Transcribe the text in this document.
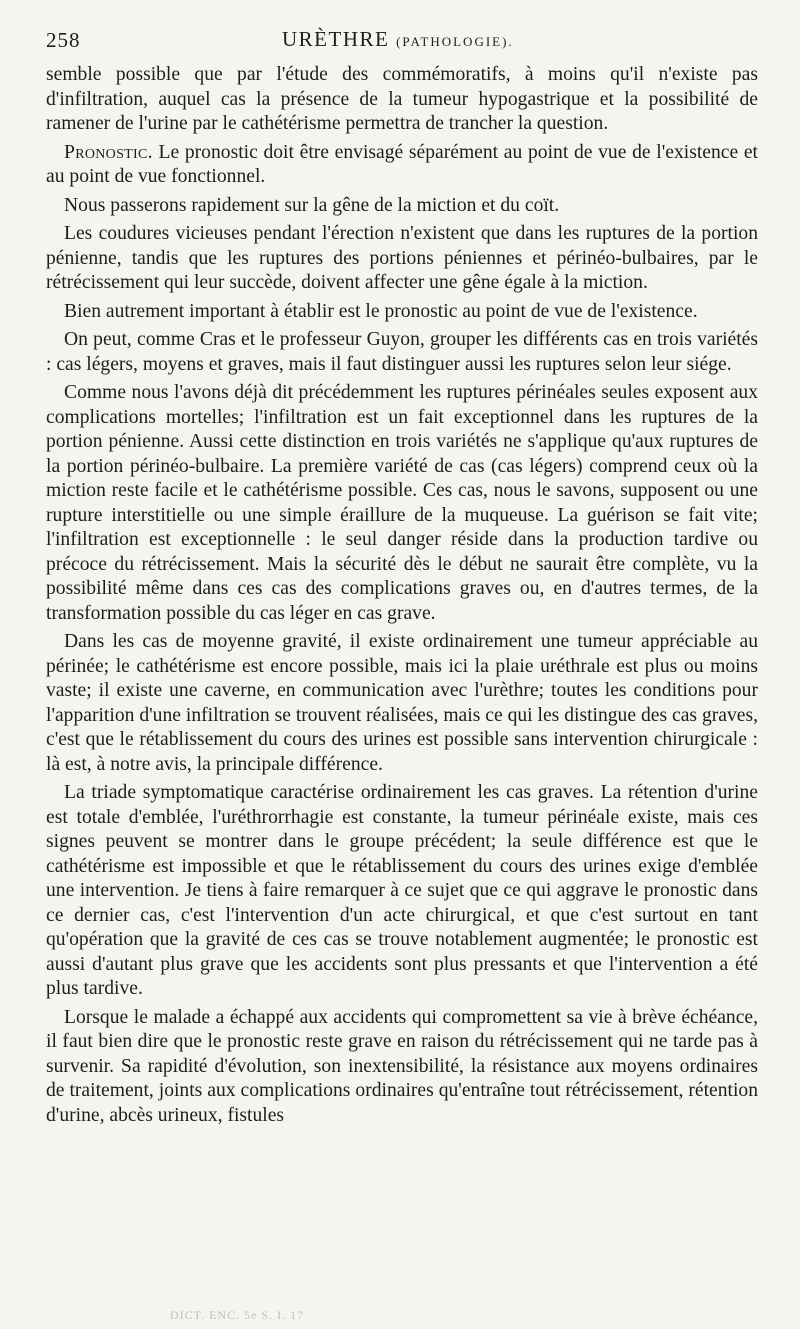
258	URÈTHRE (PATHOLOGIE).

semble possible que par l'étude des commémoratifs, à moins qu'il n'existe pas d'infiltration, auquel cas la présence de la tumeur hypogastrique et la possibilité de ramener de l'urine par le cathétérisme permettra de trancher la question.

Pronostic. Le pronostic doit être envisagé séparément au point de vue de l'existence et au point de vue fonctionnel.

Nous passerons rapidement sur la gêne de la miction et du coït.

Les coudures vicieuses pendant l'érection n'existent que dans les ruptures de la portion pénienne, tandis que les ruptures des portions péniennes et périnéo-bulbaires, par le rétrécissement qui leur succède, doivent affecter une gêne égale à la miction.

Bien autrement important à établir est le pronostic au point de vue de l'existence.

On peut, comme Cras et le professeur Guyon, grouper les différents cas en trois variétés : cas légers, moyens et graves, mais il faut distinguer aussi les ruptures selon leur siége.

Comme nous l'avons déjà dit précédemment les ruptures périnéales seules exposent aux complications mortelles; l'infiltration est un fait exceptionnel dans les ruptures de la portion pénienne. Aussi cette distinction en trois variétés ne s'applique qu'aux ruptures de la portion périnéo-bulbaire. La première variété de cas (cas légers) comprend ceux où la miction reste facile et le cathétérisme possible. Ces cas, nous le savons, supposent ou une rupture interstitielle ou une simple éraillure de la muqueuse. La guérison se fait vite; l'infiltration est exceptionnelle : le seul danger réside dans la production tardive ou précoce du rétrécissement. Mais la sécurité dès le début ne saurait être complète, vu la possibilité même dans ces cas des complications graves ou, en d'autres termes, de la transformation possible du cas léger en cas grave.

Dans les cas de moyenne gravité, il existe ordinairement une tumeur appréciable au périnée; le cathétérisme est encore possible, mais ici la plaie uréthrale est plus ou moins vaste; il existe une caverne, en communication avec l'urèthre; toutes les conditions pour l'apparition d'une infiltration se trouvent réalisées, mais ce qui les distingue des cas graves, c'est que le rétablissement du cours des urines est possible sans intervention chirurgicale : là est, à notre avis, la principale différence.

La triade symptomatique caractérise ordinairement les cas graves. La rétention d'urine est totale d'emblée, l'uréthrorrhagie est constante, la tumeur périnéale existe, mais ces signes peuvent se montrer dans le groupe précédent; la seule différence est que le cathétérisme est impossible et que le rétablissement du cours des urines exige d'emblée une intervention. Je tiens à faire remarquer à ce sujet que ce qui aggrave le pronostic dans ce dernier cas, c'est l'intervention d'un acte chirurgical, et que c'est surtout en tant qu'opération que la gravité de ces cas se trouve notablement augmentée; le pronostic est aussi d'autant plus grave que les accidents sont plus pressants et que l'intervention a été plus tardive.

Lorsque le malade a échappé aux accidents qui compromettent sa vie à brève échéance, il faut bien dire que le pronostic reste grave en raison du rétrécissement qui ne tarde pas à survenir. Sa rapidité d'évolution, son inextensibilité, la résistance aux moyens ordinaires de traitement, joints aux complications ordinaires qu'entraîne tout rétrécissement, rétention d'urine, abcès urineux, fistules

DICT. ENC. 5e S. I. 17
